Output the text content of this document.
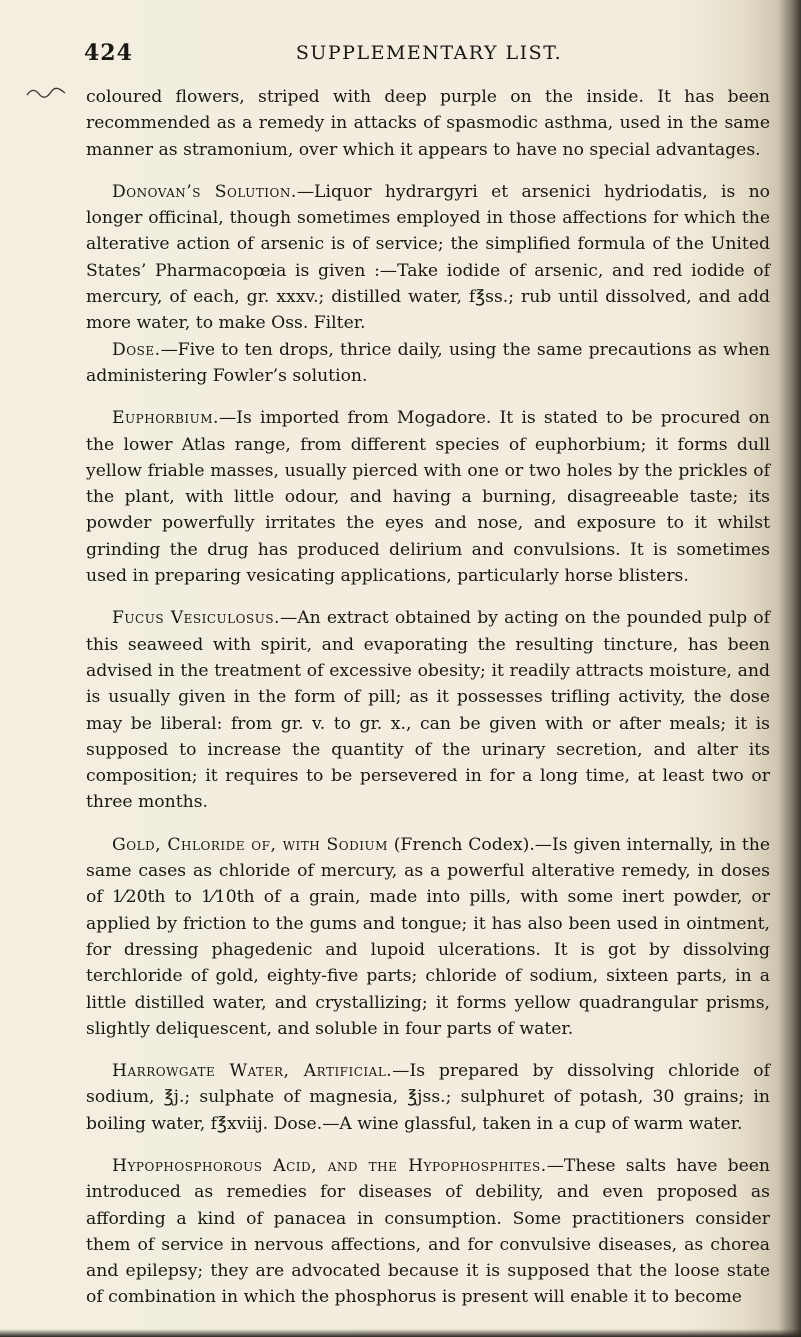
424	SUPPLEMENTARY LIST.

coloured flowers, striped with deep purple on the inside. It has been recommended as a remedy in attacks of spasmodic asthma, used in the same manner as stramonium, over which it appears to have no special advantages.

Donovan’s Solution.—Liquor hydrargyri et arsenici hydriodatis, is no longer officinal, though sometimes employed in those affections for which the alterative action of arsenic is of service; the simplified formula of the United States’ Pharmacopœia is given :—Take iodide of arsenic, and red iodide of mercury, of each, gr. xxxv.; distilled water, f℥ss.; rub until dissolved, and add more water, to make Oss. Filter.

Dose.—Five to ten drops, thrice daily, using the same precautions as when administering Fowler’s solution.

Euphorbium.—Is imported from Mogadore. It is stated to be procured on the lower Atlas range, from different species of euphorbium; it forms dull yellow friable masses, usually pierced with one or two holes by the prickles of the plant, with little odour, and having a burning, disagreeable taste; its powder powerfully irritates the eyes and nose, and exposure to it whilst grinding the drug has produced delirium and convulsions. It is sometimes used in preparing vesicating applications, particularly horse blisters.

Fucus Vesiculosus.—An extract obtained by acting on the pounded pulp of this seaweed with spirit, and evaporating the resulting tincture, has been advised in the treatment of excessive obesity; it readily attracts moisture, and is usually given in the form of pill; as it possesses trifling activity, the dose may be liberal: from gr. v. to gr. x., can be given with or after meals; it is supposed to increase the quantity of the urinary secretion, and alter its composition; it requires to be persevered in for a long time, at least two or three months.

Gold, Chloride of, with Sodium (French Codex).—Is given internally, in the same cases as chloride of mercury, as a powerful alterative remedy, in doses of 1⁄20th to 1⁄10th of a grain, made into pills, with some inert powder, or applied by friction to the gums and tongue; it has also been used in ointment, for dressing phagedenic and lupoid ulcerations. It is got by dissolving terchloride of gold, eighty-five parts; chloride of sodium, sixteen parts, in a little distilled water, and crystallizing; it forms yellow quadrangular prisms, slightly deliquescent, and soluble in four parts of water.

Harrowgate Water, Artificial.—Is prepared by dissolving chloride of sodium, ℥j.; sulphate of magnesia, ℥jss.; sulphuret of potash, 30 grains; in boiling water, f℥xviij. Dose.—A wine glassful, taken in a cup of warm water.

Hypophosphorous Acid, and the Hypophosphites.—These salts have been introduced as remedies for diseases of debility, and even proposed as affording a kind of panacea in consumption. Some practitioners consider them of service in nervous affections, and for convulsive diseases, as chorea and epilepsy; they are advocated because it is supposed that the loose state of combination in which the phosphorus is present will enable it to become
